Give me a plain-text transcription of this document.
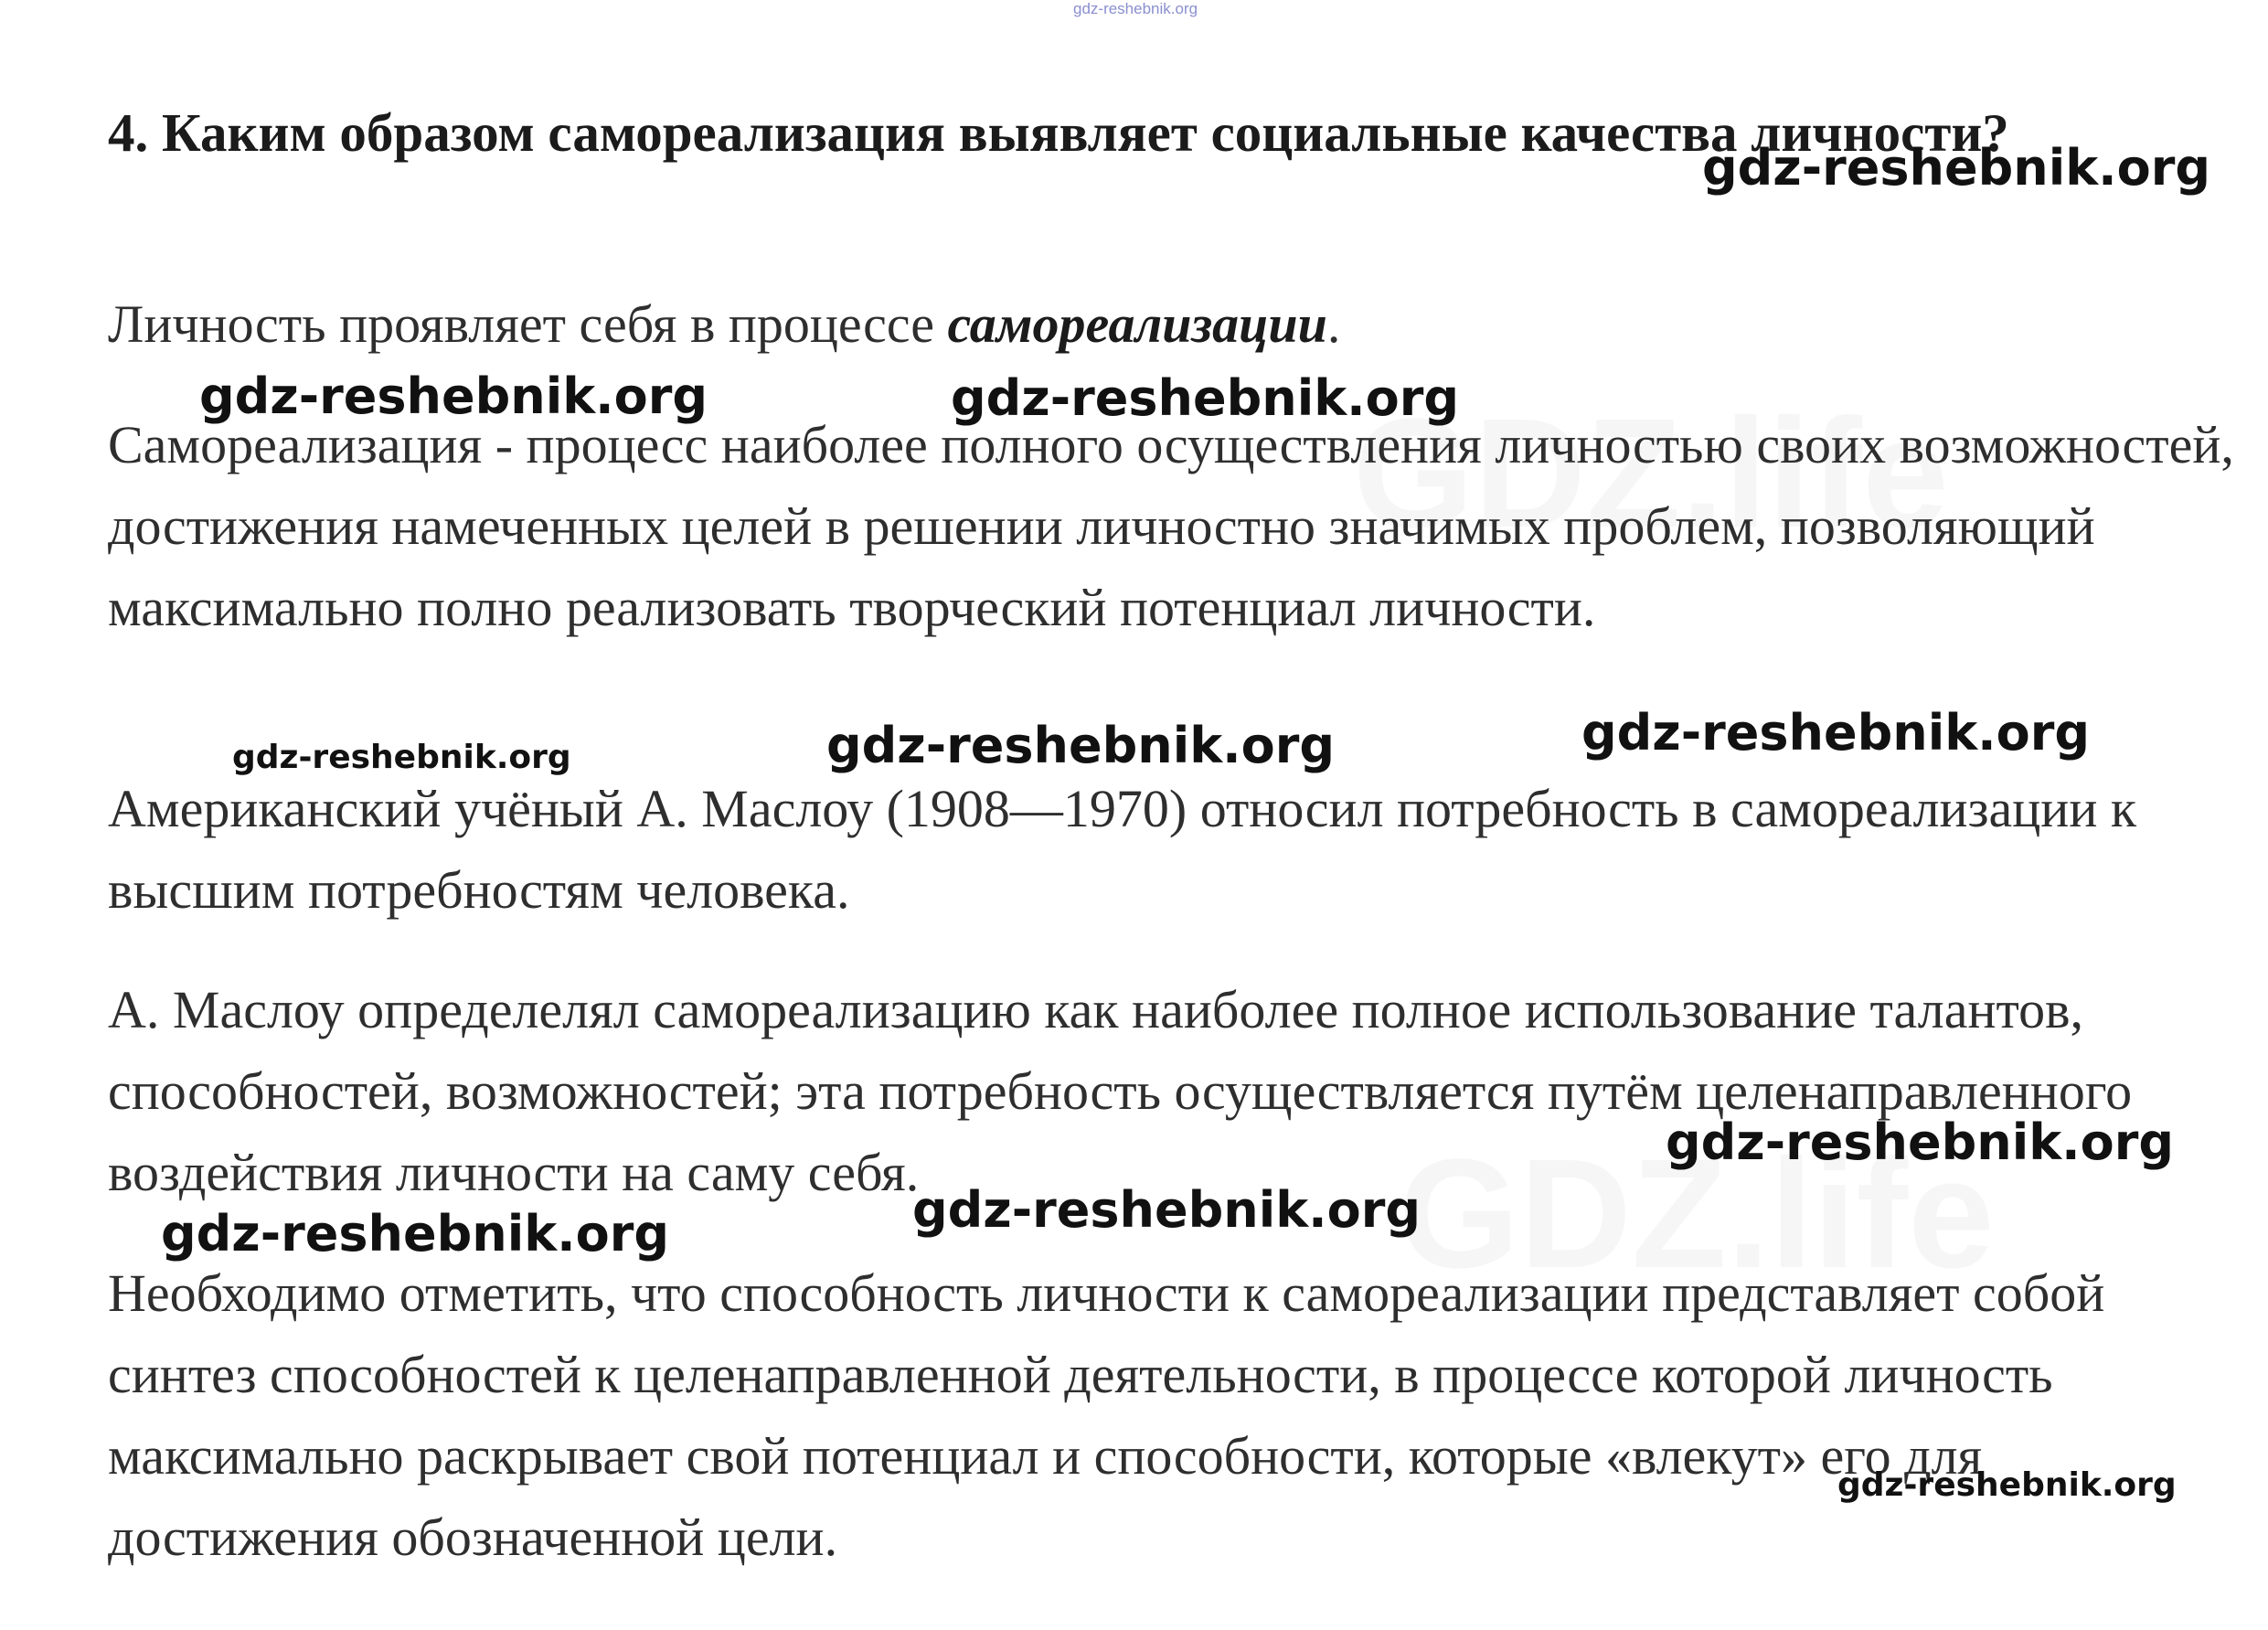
gdz-reshebnik.org
4. Каким образом самореализация выявляет социальные качества личности?

Личность проявляет себя в процессе самореализации.

Самореализация - процесс наиболее полного осуществления личностью своих возможностей, достижения намеченных целей в решении личностно значимых проблем, позволяющий максимально полно реализовать творческий потенциал личности.

Американский учёный А. Маслоу (1908—1970) относил потребность в самореализации к высшим потребностям человека.

А. Маслоу определелял самореализацию как наиболее полное использование талантов, способностей, возможностей; эта потребность осуществляется путём целенаправленного воздействия личности на саму себя.

Необходимо отметить, что способность личности к самореализации представляет собой синтез способностей к целенаправленной деятельности, в процессе которой личность максимально раскрывает свой потенциал и способности, которые «влекут» его для достижения обозначенной цели.

gdz-reshebnik.org
gdz-reshebnik.org	gdz-reshebnik.org
gdz-reshebnik.org	gdz-reshebnik.org	gdz-reshebnik.org
gdz-reshebnik.org
gdz-reshebnik.org
gdz-reshebnik.org
gdz-reshebnik.org
